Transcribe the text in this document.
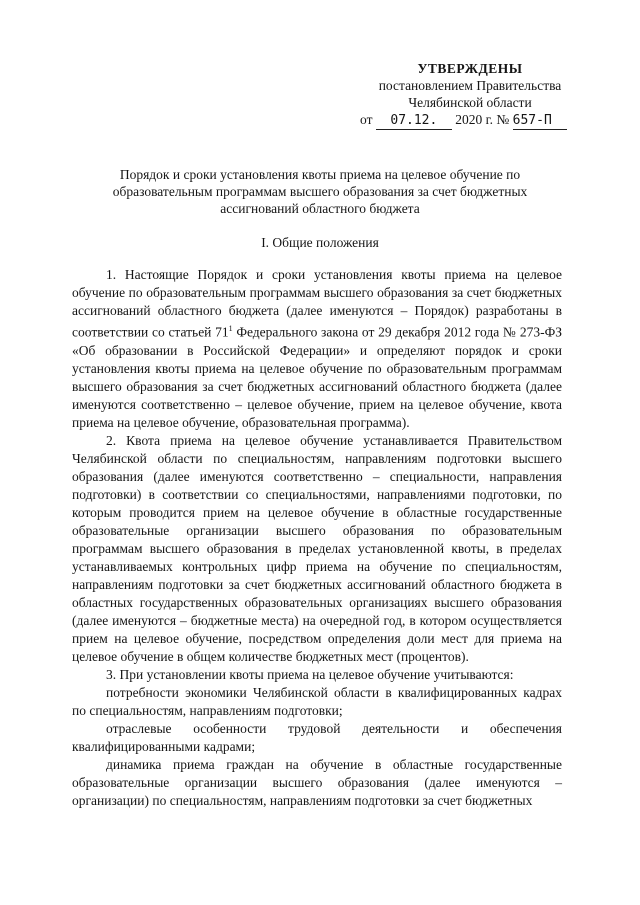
УТВЕРЖДЕНЫ
постановлением Правительства
Челябинской области
от 07.12. 2020 г. № 657-П
Порядок и сроки установления квоты приема на целевое обучение по
образовательным программам высшего образования за счет бюджетных
ассигнований областного бюджета
I. Общие положения

1. Настоящие Порядок и сроки установления квоты приема на целевое обучение по образовательным программам высшего образования за счет бюджетных ассигнований областного бюджета (далее именуются – Порядок) разработаны в соответствии со статьей $71^1$ Федерального закона от 29 декабря 2012 года № 273-ФЗ «Об образовании в Российской Федерации» и определяют порядок и сроки установления квоты приема на целевое обучение по образовательным программам высшего образования за счет бюджетных ассигнований областного бюджета (далее именуются соответственно – целевое обучение, прием на целевое обучение, квота приема на целевое обучение, образовательная программа).

2. Квота приема на целевое обучение устанавливается Правительством Челябинской области по специальностям, направлениям подготовки высшего образования (далее именуются соответственно – специальности, направления подготовки) в соответствии со специальностями, направлениями подготовки, по которым проводится прием на целевое обучение в областные государственные образовательные организации высшего образования по образовательным программам высшего образования в пределах установленной квоты, в пределах устанавливаемых контрольных цифр приема на обучение по специальностям, направлениям подготовки за счет бюджетных ассигнований областного бюджета в областных государственных образовательных организациях высшего образования (далее именуются – бюджетные места) на очередной год, в котором осуществляется прием на целевое обучение, посредством определения доли мест для приема на целевое обучение в общем количестве бюджетных мест (процентов).

3. При установлении квоты приема на целевое обучение учитываются:

потребности экономики Челябинской области в квалифицированных кадрах по специальностям, направлениям подготовки;

отраслевые особенности трудовой деятельности и обеспечения квалифицированными кадрами;

динамика приема граждан на обучение в областные государственные образовательные организации высшего образования (далее именуются – организации) по специальностям, направлениям подготовки за счет бюджетных
